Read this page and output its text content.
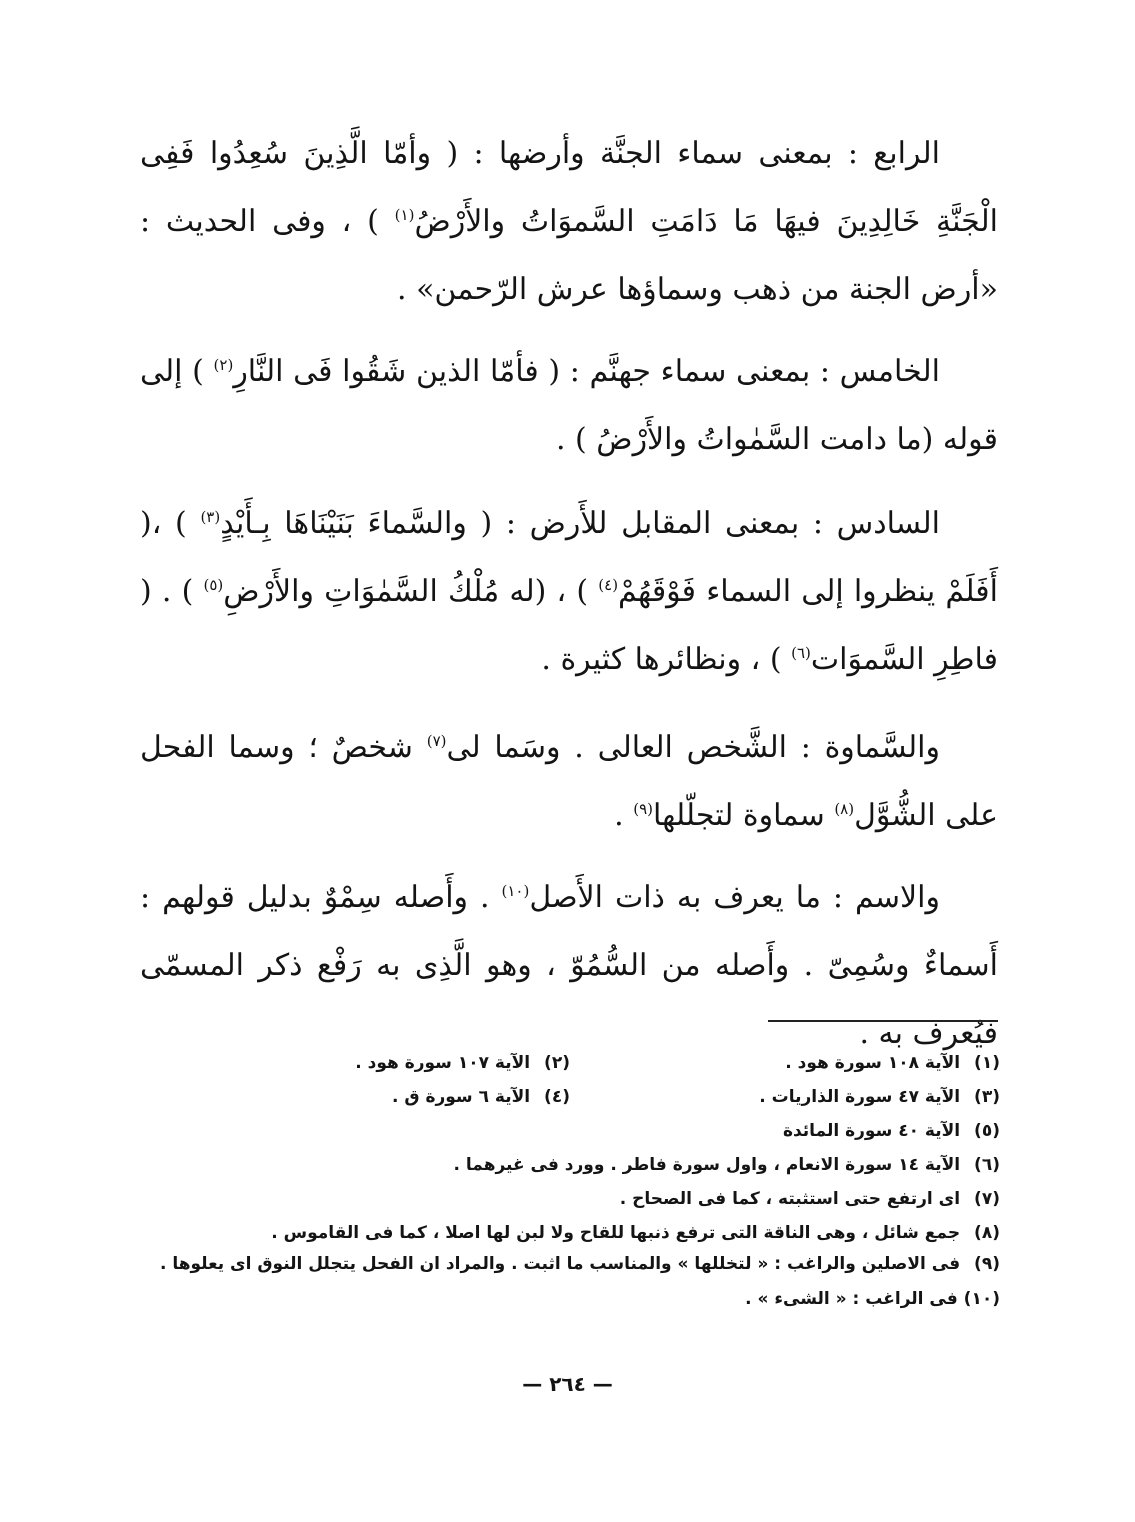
الرابع : بمعنى سماء الجنَّة وأرضها : ( وأمّا الَّذِينَ سُعِدُوا فَفِى الْجَنَّةِ خَالِدِينَ فيهَا مَا دَامَتِ السَّموَاتُ والأَرْضُ$^{(١)}$ ) ، وفى الحديث : «أرض الجنة من ذهب وسماؤها عرش الرّحمن» .

الخامس : بمعنى سماء جهنَّم : ( فأمّا الذين شَقُوا فَى النَّارِ$^{(٢)}$ ) إلى قوله (ما دامت السَّمٰواتُ والأَرْضُ ) .

السادس : بمعنى المقابل للأَرض : ( والسَّماءَ بَنَيْنَاهَا بِـأَيْدٍ$^{(٣)}$ ) ،( أَفَلَمْ ينظروا إلى السماء فَوْقَهُمْ$^{(٤)}$ ) ، (له مُلْكُ السَّمٰوَاتِ والأَرْضِ$^{(٥)}$ ) . ( فاطِرِ السَّموَات$^{(٦)}$ ) ، ونظائرها كثيرة .

والسَّماوة : الشَّخص العالى . وسَما لى$^{(٧)}$ شخصٌ ؛ وسما الفحل على الشُّوَّل$^{(٨)}$ سماوة لتجلّلها$^{(٩)}$ .

والاسم : ما يعرف به ذات الأَصل$^{(١٠)}$ . وأَصله سِمْوٌ بدليل قولهم : أَسماءٌ وسُمِىّ . وأَصله من السُّمُوّ ، وهو الَّذِى به رَفْع ذكر المسمّى فيُعرف به .

(١) الآية ١٠٨ سورة هود .
(٢) الآية ١٠٧ سورة هود .
(٣) الآية ٤٧ سورة الذاريات .
(٤) الآية ٦ سورة ق .
(٥) الآية ٤٠ سورة المائدة
(٦) الآية ١٤ سورة الانعام ، واول سورة فاطر . وورد فى غيرهما .
(٧) اى ارتفع حتى استثبته ، كما فى الصحاح .
(٨) جمع شائل ، وهى الناقة التى ترفع ذنبها للقاح ولا لبن لها اصلا ، كما فى القاموس .
(٩) فى الاصلين والراغب : « لتخللها » والمناسب ما اثبت . والمراد ان الفحل يتجلل النوق اى يعلوها .
(١٠) فى الراغب : « الشىء » .
— ٢٦٤ —
